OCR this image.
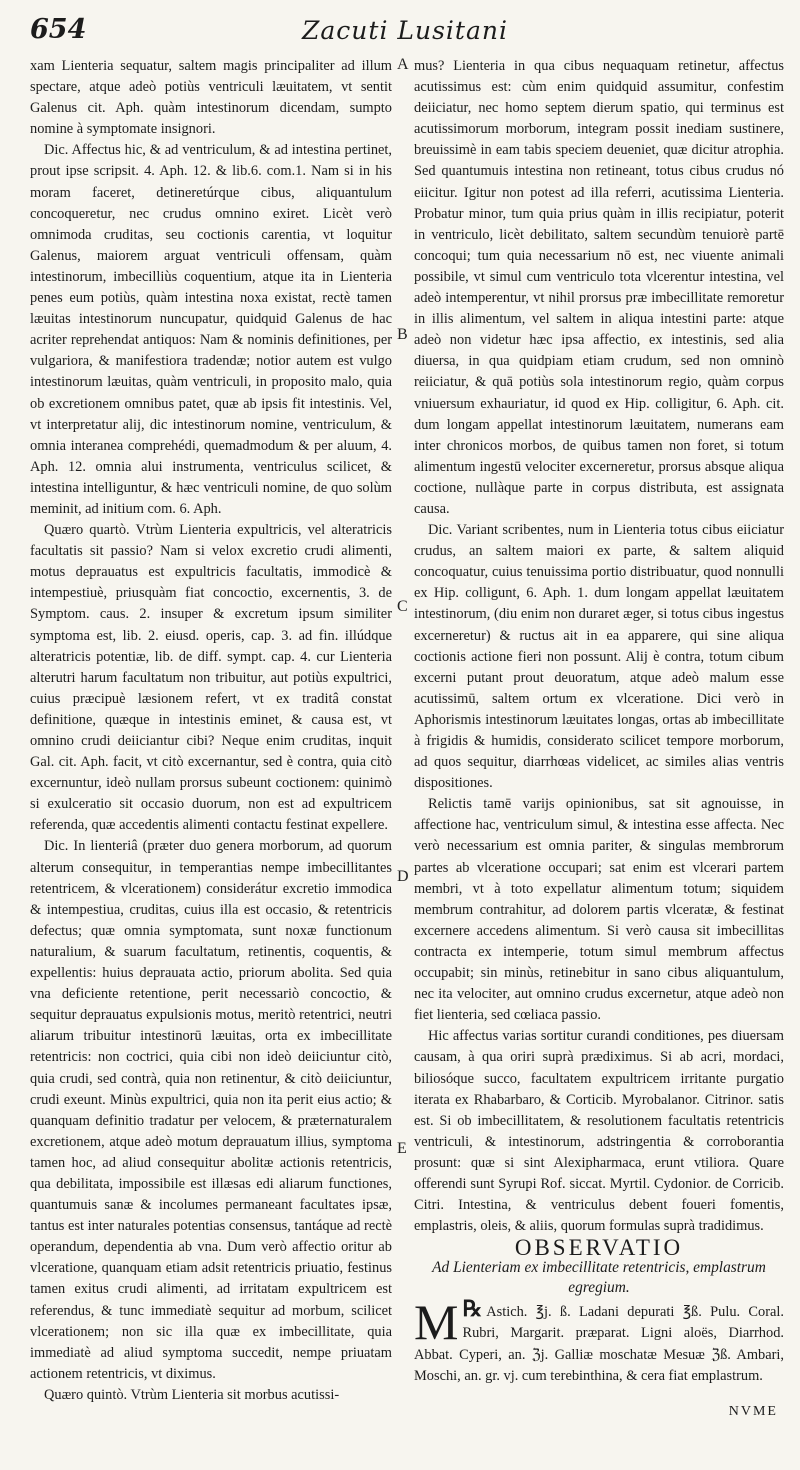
654	Zacuti Lusitani
A
B
C
D
E

xam Lienteria sequatur, saltem magis principaliter ad illum spectare, atque adeò potiùs ventriculi læuitatem, vt sentit Galenus cit. Aph. quàm intestinorum dicendam, sumpto nomine à symptomate insignori.

Dic. Affectus hic, & ad ventriculum, & ad intestina pertinet, prout ipse scripsit. 4. Aph. 12. & lib.6. com.1. Nam si in his moram faceret, detineretúrque cibus, aliquantulum concoqueretur, nec crudus omnino exiret. Licèt verò omnimoda cruditas, seu coctionis carentia, vt loquitur Galenus, maiorem arguat ventriculi offensam, quàm intestinorum, imbecilliùs coquentium, atque ita in Lienteria penes eum potiùs, quàm intestina noxa existat, rectè tamen læuitas intestinorum nuncupatur, quidquid Galenus de hac acriter reprehendat antiquos: Nam & nominis definitiones, per vulgariora, & manifestiora tradendæ; notior autem est vulgo intestinorum læuitas, quàm ventriculi, in proposito malo, quia ob excretionem omnibus patet, quæ ab ipsis fit intestinis. Vel, vt interpretatur alij, dic intestinorum nomine, ventriculum, & omnia interanea comprehédi, quemadmodum & per aluum, 4. Aph. 12. omnia alui instrumenta, ventriculus scilicet, & intestina intelliguntur, & hæc ventriculi nomine, de quo solùm meminit, ad initium com. 6. Aph.

Quæro quartò. Vtrùm Lienteria expultricis, vel alteratricis facultatis sit passio? Nam si velox excretio crudi alimenti, motus deprauatus est expultricis facultatis, immodicè & intempestiuè, priusquàm fiat concoctio, excernentis, 3. de Symptom. caus. 2. insuper & excretum ipsum similiter symptoma est, lib. 2. eiusd. operis, cap. 3. ad fin. illúdque alteratricis potentiæ, lib. de diff. sympt. cap. 4. cur Lienteria alterutri harum facultatum non tribuitur, aut potiùs expultrici, cuius præcipuè læsionem refert, vt ex traditâ constat definitione, quæque in intestinis eminet, & causa est, vt omnino crudi deiiciantur cibi? Neque enim cruditas, inquit Gal. cit. Aph. facit, vt citò excernantur, sed è contra, quia citò excernuntur, ideò nullam prorsus subeunt coctionem: quinimò si exulceratio sit occasio duorum, non est ad expultricem referenda, quæ accedentis alimenti contactu festinat expellere.

Dic. In lienteriâ (præter duo genera morborum, ad quorum alterum consequitur, in temperantias nempe imbecillitantes retentricem, & vlcerationem) considerátur excretio immodica & intempestiua, cruditas, cuius illa est occasio, & retentricis defectus; quæ omnia symptomata, sunt noxæ functionum naturalium, & suarum facultatum, retinentis, coquentis, & expellentis: huius deprauata actio, priorum abolita. Sed quia vna deficiente retentione, perit necessariò concoctio, & sequitur deprauatus expulsionis motus, meritò retentrici, neutri aliarum tribuitur intestinorū læuitas, orta ex imbecillitate retentricis: non coctrici, quia cibi non ideò deiiciuntur citò, quia crudi, sed contrà, quia non retinentur, & citò deiiciuntur, crudi exeunt. Minùs expultrici, quia non ita perit eius actio; & quanquam definitio tradatur per velocem, & præternaturalem excretionem, atque adeò motum deprauatum illius, symptoma tamen hoc, ad aliud consequitur abolitæ actionis retentricis, qua debilitata, impossibile est illæsas edi aliarum functiones, quantumuis sanæ & incolumes permaneant facultates ipsæ, tantus est inter naturales potentias consensus, tantáque ad rectè operandum, dependentia ab vna. Dum verò affectio oritur ab vlceratione, quanquam etiam adsit retentricis priuatio, festinus tamen exitus crudi alimenti, ad irritatam expultricem est referendus, & tunc immediatè sequitur ad morbum, scilicet vlcerationem; non sic illa quæ ex imbecillitate, quia immediatè ad aliud symptoma succedit, nempe priuatam actionem retentricis, vt diximus.

Quæro quintò. Vtrùm Lienteria sit morbus acutissi-

mus? Lienteria in qua cibus nequaquam retinetur, affectus acutissimus est: cùm enim quidquid assumitur, confestim deiiciatur, nec homo septem dierum spatio, qui terminus est acutissimorum morborum, integram possit inediam sustinere, breuissimè in eam tabis speciem deueniet, quæ dicitur atrophia. Sed quantumuis intestina non retineant, totus cibus crudus nó eiicitur. Igitur non potest ad illa referri, acutissima Lienteria. Probatur minor, tum quia prius quàm in illis recipiatur, poterit in ventriculo, licèt debilitato, saltem secundùm tenuiorè partē concoqui; tum quia necessarium nō est, nec viuente animali possibile, vt simul cum ventriculo tota vlcerentur intestina, vel adeò intemperentur, vt nihil prorsus præ imbecillitate remoretur in illis alimentum, vel saltem in aliqua intestini parte: atque adeò non videtur hæc ipsa affectio, ex intestinis, sed alia diuersa, in qua quidpiam etiam crudum, sed non omninò reiiciatur, & quā potiùs sola intestinorum regio, quàm corpus vniuersum exhauriatur, id quod ex Hip. colligitur, 6. Aph. cit. dum longam appellat intestinorum læuitatem, numerans eam inter chronicos morbos, de quibus tamen non foret, si totum alimentum ingestū velociter excerneretur, prorsus absque aliqua coctione, nullàque parte in corpus distributa, est assignata causa.

Dic. Variant scribentes, num in Lienteria totus cibus eiiciatur crudus, an saltem maiori ex parte, & saltem aliquid concoquatur, cuius tenuissima portio distribuatur, quod nonnulli ex Hip. colligunt, 6. Aph. 1. dum longam appellat læuitatem intestinorum, (diu enim non duraret æger, si totus cibus ingestus excerneretur) & ructus ait in ea apparere, qui sine aliqua coctionis actione fieri non possunt. Alij è contra, totum cibum excerni putant prout deuoratum, atque adeò malum esse acutissimū, saltem ortum ex vlceratione. Dici verò in Aphorismis intestinorum læuitates longas, ortas ab imbecillitate à frigidis & humidis, considerato scilicet tempore morborum, ad quos sequitur, diarrhœas videlicet, ac similes alias ventris dispositiones.

Relictis tamē varijs opinionibus, sat sit agnouisse, in affectione hac, ventriculum simul, & intestina esse affecta. Nec verò necessarium est omnia pariter, & singulas membrorum partes ab vlceratione occupari; sat enim est vlcerari partem membri, vt à toto expellatur alimentum totum; siquidem membrum contrahitur, ad dolorem partis vlceratæ, & festinat excernere accedens alimentum. Si verò causa sit imbecillitas contracta ex intemperie, totum simul membrum affectus occupabit; sin minùs, retinebitur in sano cibus aliquantulum, nec ita velociter, aut omnino crudus excernetur, atque adeò non fiet lienteria, sed cœliaca passio.

Hic affectus varias sortitur curandi conditiones, pes diuersam causam, à qua oriri suprà prædiximus. Si ab acri, mordaci, biliosóque succo, facultatem expultricem irritante purgatio iterata ex Rhabarbaro, & Corticib. Myrobalanor. Citrinor. satis est. Si ob imbecillitatem, & resolutionem facultatis retentricis ventriculi, & intestinorum, adstringentia & corroborantia prosunt: quæ si sint Alexipharmaca, erunt vtiliora. Quare offerendi sunt Syrupi Rof. siccat. Myrtil. Cydonior. de Corricib. Citri. Intestina, & ventriculus debent foueri fomentis, emplastris, oleis, & aliis, quorum formulas suprà tradidimus.

OBSERVATIO

Ad Lienteriam ex imbecillitate retentricis, emplastrum egregium.

℞
M Astich. ℥j. ß. Ladani depurati ℥ß. Pulu. Coral. Rubri, Margarit. præparat. Ligni aloës, Diarrhod. Abbat. Cyperi, an. ℨj. Galliæ moschatæ Mesuæ ℨß. Ambari, Moschi, an. gr. vj. cum terebinthina, & cera fiat emplastrum.

NVME
